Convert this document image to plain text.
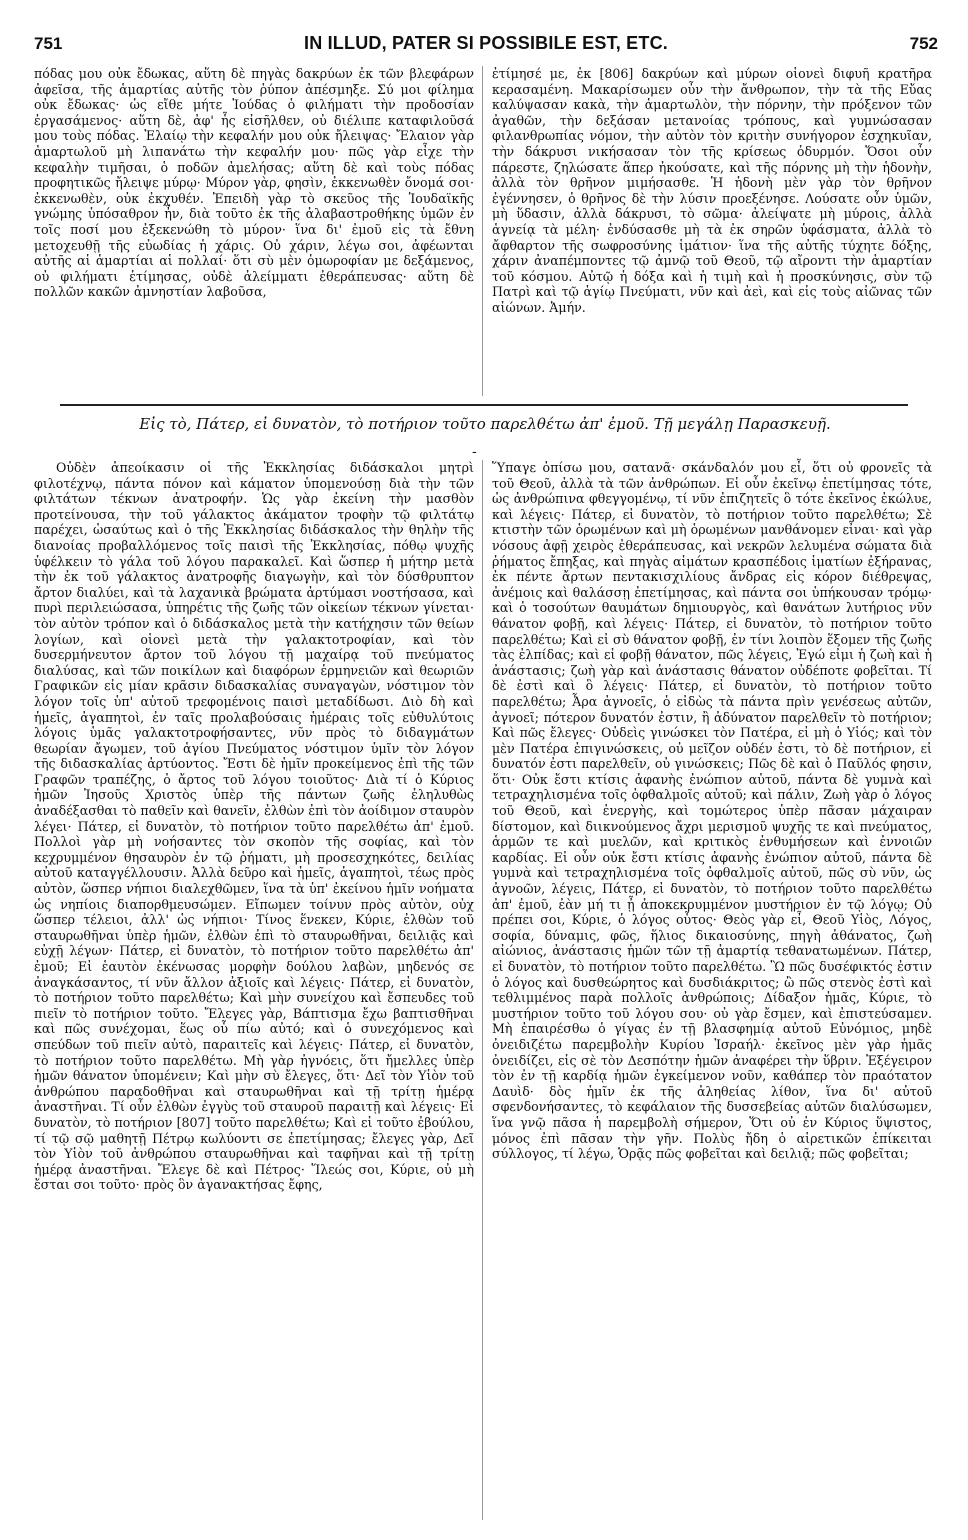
751	IN ILLUD, PATER SI POSSIBILE EST, ETC.	752

πόδας μου οὐκ ἔδωκας, αὕτη δὲ πηγὰς δακρύων ἐκ τῶν βλεφάρων ἀφεῖσα, τῆς ἁμαρτίας αὐτῆς τὸν ῥύπον ἀπέσμηξε. Σύ μοι φίλημα οὐκ ἔδωκας· ὡς εἴθε μήτε Ἰούδας ὁ φιλήματι τὴν προδοσίαν ἐργασάμενος· αὕτη δὲ, ἀφ' ἧς εἰσῆλθεν, οὐ διέλιπε καταφιλοῦσά μου τοὺς πόδας. Ἐλαίῳ τὴν κεφαλήν μου οὐκ ἤλειψας· Ἔλαιον γὰρ ἁμαρτωλοῦ μὴ λιπανάτω τὴν κεφαλήν μου· πῶς γὰρ εἶχε τὴν κεφαλὴν τιμῆσαι, ὁ ποδῶν ἀμελήσας; αὕτη δὲ καὶ τοὺς πόδας προφητικῶς ἤλειψε μύρῳ· Μύρον γὰρ, φησὶν, ἐκκενωθὲν ὄνομά σοι· ἐκκενωθὲν, οὐκ ἐκχυθέν. Ἐπειδὴ γὰρ τὸ σκεῦος τῆς Ἰουδαϊκῆς γνώμης ὑπόσαθρον ἦν, διὰ τοῦτο ἐκ τῆς ἀλαβαστροθήκης ὑμῶν ἐν τοῖς ποσί μου ἐξεκενώθη τὸ μύρον· ἵνα δι' ἐμοῦ εἰς τὰ ἔθνη μετοχευθῇ τῆς εὐωδίας ἡ χάρις. Οὐ χάριν, λέγω σοι, ἀφέωνται αὐτῆς αἱ ἁμαρτίαι αἱ πολλαί· ὅτι σὺ μὲν ὁμωροφίαν με δεξάμενος, οὐ φιλήματι ἐτίμησας, οὐδὲ ἀλείμματι ἐθεράπευσας· αὕτη δὲ πολλῶν κακῶν ἀμνηστίαν λαβοῦσα,

ἐτίμησέ με, ἐκ [806] δακρύων καὶ μύρων οἱονεὶ διφυῆ κρατῆρα κερασαμένη. Μακαρίσωμεν οὖν τὴν ἄνθρωπον, τὴν τὰ τῆς Εὔας καλύψασαν κακὰ, τὴν ἁμαρτωλὸν, τὴν πόρνην, τὴν πρόξενον τῶν ἀγαθῶν, τὴν δεξάσαν μετανοίας τρόπους, καὶ γυμνώσασαν φιλανθρωπίας νόμον, τὴν αὐτὸν τὸν κριτὴν συνήγορον ἐσχηκυῖαν, τὴν δάκρυσι νικήσασαν τὸν τῆς κρίσεως ὀδυρμόν. Ὅσοι οὖν πάρεστε, ζηλώσατε ἅπερ ἠκούσατε, καὶ τῆς πόρνης μὴ τὴν ἡδονὴν, ἀλλὰ τὸν θρῆνον μιμήσασθε. Ἡ ἡδονὴ μὲν γὰρ τὸν θρῆνον ἐγέννησεν, ὁ θρῆνος δὲ τὴν λύσιν προεξένησε. Λούσατε οὖν ὑμῶν, μὴ ὕδασιν, ἀλλὰ δάκρυσι, τὸ σῶμα· ἀλείψατε μὴ μύροις, ἀλλὰ ἁγνείᾳ τὰ μέλη· ἐνδύσασθε μὴ τὰ ἐκ σηρῶν ὑφάσματα, ἀλλὰ τὸ ἄφθαρτον τῆς σωφροσύνης ἱμάτιον· ἵνα τῆς αὐτῆς τύχητε δόξης, χάριν ἀναπέμποντες τῷ ἀμνῷ τοῦ Θεοῦ, τῷ αἴροντι τὴν ἁμαρτίαν τοῦ κόσμου. Αὐτῷ ἡ δόξα καὶ ἡ τιμὴ καὶ ἡ προσκύνησις, σὺν τῷ Πατρὶ καὶ τῷ ἁγίῳ Πνεύματι, νῦν καὶ ἀεὶ, καὶ εἰς τοὺς αἰῶνας τῶν αἰώνων. Ἀμήν.

Εἰς τὸ, Πάτερ, εἰ δυνατὸν, τὸ ποτήριον τοῦτο παρελθέτω ἀπ' ἐμοῦ. Τῇ μεγάλῃ Παρασκευῇ.
-

Οὐδὲν ἀπεοίκασιν οἱ τῆς Ἐκκλησίας διδάσκαλοι μητρὶ φιλοτέχνῳ, πάντα πόνον καὶ κάματον ὑπομενούσῃ διὰ τὴν τῶν φιλτάτων τέκνων ἀνατροφήν. Ὡς γὰρ ἐκείνη τὴν μασθὸν προτείνουσα, τὴν τοῦ γάλακτος ἀκάματον τροφὴν τῷ φιλτάτῳ παρέχει, ὡσαύτως καὶ ὁ τῆς Ἐκκλησίας διδάσκαλος τὴν θηλὴν τῆς διανοίας προβαλλόμενος τοῖς παισὶ τῆς Ἐκκλησίας, πόθῳ ψυχῆς ὑφέλκειν τὸ γάλα τοῦ λόγου παρακαλεῖ. Καὶ ὥσπερ ἡ μήτηρ μετὰ τὴν ἐκ τοῦ γάλακτος ἀνατροφῆς διαγωγὴν, καὶ τὸν δύσθρυπτον ἄρτον διαλύει, καὶ τὰ λαχανικὰ βρώματα ἀρτύμασι νοστήσασα, καὶ πυρὶ περιλειώσασα, ὑπηρέτις τῆς ζωῆς τῶν οἰκείων τέκνων γίνεται· τὸν αὐτὸν τρόπον καὶ ὁ διδάσκαλος μετὰ τὴν κατήχησιν τῶν θείων λογίων, καὶ οἱονεὶ μετὰ τὴν γαλακτοτροφίαν, καὶ τὸν δυσερμήνευτον ἄρτον τοῦ λόγου τῇ μαχαίρᾳ τοῦ πνεύματος διαλύσας, καὶ τῶν ποικίλων καὶ διαφόρων ἑρμηνειῶν καὶ θεωριῶν Γραφικῶν εἰς μίαν κρᾶσιν διδασκαλίας συναγαγὼν, νόστιμον τὸν λόγον τοῖς ὑπ' αὐτοῦ τρεφομένοις παισὶ μεταδίδωσι. Διὸ δὴ καὶ ἡμεῖς, ἀγαπητοὶ, ἐν ταῖς προλαβούσαις ἡμέραις τοῖς εὐθυλύτοις λόγοις ὑμᾶς γαλακτοτροφήσαντες, νῦν πρὸς τὸ διδαγμάτων θεωρίαν ἄγωμεν, τοῦ ἁγίου Πνεύματος νόστιμον ὑμῖν τὸν λόγον τῆς διδασκαλίας ἀρτύοντος. Ἔστι δὲ ἡμῖν προκείμενος ἐπὶ τῆς τῶν Γραφῶν τραπέζης, ὁ ἄρτος τοῦ λόγου τοιοῦτος· Διὰ τί ὁ Κύριος ἡμῶν Ἰησοῦς Χριστὸς ὑπὲρ τῆς πάντων ζωῆς ἐληλυθὼς ἀναδέξασθαι τὸ παθεῖν καὶ θανεῖν, ἐλθὼν ἐπὶ τὸν ἀοίδιμον σταυρὸν λέγει· Πάτερ, εἰ δυνατὸν, τὸ ποτήριον τοῦτο παρελθέτω ἀπ' ἐμοῦ. Πολλοὶ γὰρ μὴ νοήσαντες τὸν σκοπὸν τῆς σοφίας, καὶ τὸν κεχρυμμένον θησαυρὸν ἐν τῷ ῥήματι, μὴ προσεσχηκότες, δειλίας αὐτοῦ καταγγέλλουσιν. Ἀλλὰ δεῦρο καὶ ἡμεῖς, ἀγαπητοὶ, τέως πρὸς αὐτὸν, ὥσπερ νήπιοι διαλεχθῶμεν, ἵνα τὰ ὑπ' ἐκείνου ἡμῖν νοήματα ὡς νηπίοις διαπορθμευσώμεν. Εἴπωμεν τοίνυν πρὸς αὐτὸν, οὐχ ὥσπερ τέλειοι, ἀλλ' ὡς νήπιοι· Τίνος ἕνεκεν, Κύριε, ἐλθὼν τοῦ σταυρωθῆναι ὑπὲρ ἡμῶν, ἐλθὼν ἐπὶ τὸ σταυρωθῆναι, δειλιᾷς καὶ εὐχῇ λέγων· Πάτερ, εἰ δυνατὸν, τὸ ποτήριον τοῦτο παρελθέτω ἀπ' ἐμοῦ; Εἰ ἑαυτὸν ἐκένωσας μορφὴν δούλου λαβὼν, μηδενός σε ἀναγκάσαντος, τί νῦν ἄλλον ἀξιοῖς καὶ λέγεις· Πάτερ, εἰ δυνατὸν, τὸ ποτήριον τοῦτο παρελθέτω; Καὶ μὴν συνείχου καὶ ἔσπευδες τοῦ πιεῖν τὸ ποτήριον τοῦτο. Ἔλεγες γὰρ, Βάπτισμα ἔχω βαπτισθῆναι καὶ πῶς συνέχομαι, ἕως οὗ πίω αὐτό; καὶ ὁ συνεχόμενος καὶ σπεύδων τοῦ πιεῖν αὐτὸ, παραιτεῖς καὶ λέγεις· Πάτερ, εἰ δυνατὸν, τὸ ποτήριον τοῦτο παρελθέτω. Μὴ γὰρ ἠγνόεις, ὅτι ἤμελλες ὑπὲρ ἡμῶν θάνατον ὑπομένειν; Καὶ μὴν σὺ ἔλεγες, ὅτι· Δεῖ τὸν Υἱὸν τοῦ ἀνθρώπου παραδοθῆναι καὶ σταυρωθῆναι καὶ τῇ τρίτῃ ἡμέρᾳ ἀναστῆναι. Τί οὖν ἐλθὼν ἐγγὺς τοῦ σταυροῦ παραιτῇ καὶ λέγεις· Εἰ δυνατὸν, τὸ ποτήριον [807] τοῦτο παρελθέτω; Καὶ εἰ τοῦτο ἐβούλου, τί τῷ σῷ μαθητῇ Πέτρῳ κωλύοντι σε ἐπετίμησας; ἔλεγες γὰρ, Δεῖ τὸν Υἱὸν τοῦ ἀνθρώπου σταυρωθῆναι καὶ ταφῆναι καὶ τῇ τρίτῃ ἡμέρᾳ ἀναστῆναι. Ἔλεγε δὲ καὶ Πέτρος· Ἵλεώς σοι, Κύριε, οὐ μὴ ἔσται σοι τοῦτο· πρὸς ὃν ἀγανακτήσας ἔφης,

Ὕπαγε ὀπίσω μου, σατανᾶ· σκάνδαλόν μου εἶ, ὅτι οὐ φρονεῖς τὰ τοῦ Θεοῦ, ἀλλὰ τὰ τῶν ἀνθρώπων. Εἰ οὖν ἐκεῖνῳ ἐπετίμησας τότε, ὡς ἀνθρώπινα φθεγγομένῳ, τί νῦν ἐπιζητεῖς ὃ τότε ἐκεῖνος ἐκώλυε, καὶ λέγεις· Πάτερ, εἰ δυνατὸν, τὸ ποτήριον τοῦτο παρελθέτω; Σὲ κτιστὴν τῶν ὁρωμένων καὶ μὴ ὁρωμένων μανθάνομεν εἶναι· καὶ γὰρ νόσους ἀφῇ χειρὸς ἐθεράπευσας, καὶ νεκρῶν λελυμένα σώματα διὰ ῥήματος ἔπηξας, καὶ πηγὰς αἱμάτων κρασπέδοις ἱματίων ἐξήρανας, ἐκ πέντε ἄρτων πεντακισχιλίους ἄνδρας εἰς κόρον διέθρεψας, ἀνέμοις καὶ θαλάσσῃ ἐπετίμησας, καὶ πάντα σοι ὑπήκουσαν τρόμῳ· καὶ ὁ τοσούτων θαυμάτων δημιουργὸς, καὶ θανάτων λυτήριος νῦν θάνατον φοβῇ, καὶ λέγεις· Πάτερ, εἰ δυνατὸν, τὸ ποτήριον τοῦτο παρελθέτω; Καὶ εἰ σὺ θάνατον φοβῇ, ἐν τίνι λοιπὸν ἕξομεν τῆς ζωῆς τὰς ἐλπίδας; καὶ εἰ φοβῇ θάνατον, πῶς λέγεις, Ἐγώ εἰμι ἡ ζωὴ καὶ ἡ ἀνάστασις; ζωὴ γὰρ καὶ ἀνάστασις θάνατον οὐδέποτε φοβεῖται. Τί δὲ ἐστὶ καὶ ὃ λέγεις· Πάτερ, εἰ δυνατὸν, τὸ ποτήριον τοῦτο παρελθέτω; Ἆρα ἀγνοεῖς, ὁ εἰδὼς τὰ πάντα πρὶν γενέσεως αὐτῶν, ἀγνοεῖ; πότερον δυνατόν ἐστιν, ἢ ἀδύνατον παρελθεῖν τὸ ποτήριον; Καὶ πῶς ἔλεγες· Οὐδεὶς γινώσκει τὸν Πατέρα, εἰ μὴ ὁ Υἱός; καὶ τὸν μὲν Πατέρα ἐπιγινώσκεις, οὐ μεῖζον οὐδέν ἐστι, τὸ δὲ ποτήριον, εἰ δυνατόν ἐστι παρελθεῖν, οὐ γινώσκεις; Πῶς δὲ καὶ ὁ Παῦλός φησιν, ὅτι· Οὐκ ἔστι κτίσις ἀφανὴς ἐνώπιον αὐτοῦ, πάντα δὲ γυμνὰ καὶ τετραχηλισμένα τοῖς ὀφθαλμοῖς αὐτοῦ; καὶ πάλιν, Ζωὴ γὰρ ὁ λόγος τοῦ Θεοῦ, καὶ ἐνεργὴς, καὶ τομώτερος ὑπὲρ πᾶσαν μάχαιραν δίστομον, καὶ διικνούμενος ἄχρι μερισμοῦ ψυχῆς τε καὶ πνεύματος, ἁρμῶν τε καὶ μυελῶν, καὶ κριτικὸς ἐνθυμήσεων καὶ ἐννοιῶν καρδίας. Εἰ οὖν οὐκ ἔστι κτίσις ἀφανὴς ἐνώπιον αὐτοῦ, πάντα δὲ γυμνὰ καὶ τετραχηλισμένα τοῖς ὀφθαλμοῖς αὐτοῦ, πῶς σὺ νῦν, ὡς ἀγνοῶν, λέγεις, Πάτερ, εἰ δυνατὸν, τὸ ποτήριον τοῦτο παρελθέτω ἀπ' ἐμοῦ, ἐὰν μή τι ᾖ ἀποκεκρυμμένον μυστήριον ἐν τῷ λόγῳ; Οὐ πρέπει σοι, Κύριε, ὁ λόγος οὗτος· Θεὸς γὰρ εἶ, Θεοῦ Υἱὸς, Λόγος, σοφία, δύναμις, φῶς, ἥλιος δικαιοσύνης, πηγὴ ἀθάνατος, ζωὴ αἰώνιος, ἀνάστασις ἡμῶν τῶν τῇ ἁμαρτίᾳ τεθανατωμένων. Πάτερ, εἰ δυνατὸν, τὸ ποτήριον τοῦτο παρελθέτω. Ὢ πῶς δυσέφικτός ἐστιν ὁ λόγος καὶ δυσθεώρητος καὶ δυσδιάκριτος; ὢ πῶς στενὸς ἐστὶ καὶ τεθλιμμένος παρὰ πολλοῖς ἀνθρώποις; Δίδαξον ἡμᾶς, Κύριε, τὸ μυστήριον τοῦτο τοῦ λόγου σου· οὐ γὰρ ἔσμεν, καὶ ἐπιστεύσαμεν. Μὴ ἐπαιρέσθω ὁ γίγας ἐν τῇ βλασφημίᾳ αὐτοῦ Εὐνόμιος, μηδὲ ὀνειδιζέτω παρεμβολὴν Κυρίου Ἰσραήλ· ἐκεῖνος μὲν γὰρ ἡμᾶς ὀνειδίζει, εἰς σὲ τὸν Δεσπότην ἡμῶν ἀναφέρει τὴν ὕβριν. Ἐξέγειρον τὸν ἐν τῇ καρδίᾳ ἡμῶν ἐγκείμενον νοῦν, καθάπερ τὸν πραότατον Δαυὶδ· δὸς ἡμῖν ἐκ τῆς ἀληθείας λίθον, ἵνα δι' αὐτοῦ σφενδονήσαντες, τὸ κεφάλαιον τῆς δυσσεβείας αὐτῶν διαλύσωμεν, ἵνα γνῷ πᾶσα ἡ παρεμβολὴ σήμερον, Ὅτι οὐ ἐν Κύριος ὕψιστος, μόνος ἐπὶ πᾶσαν τὴν γῆν. Πολὺς ἤδη ὁ αἱρετικῶν ἐπίκειται σύλλογος, τί λέγω, Ὁρᾷς πῶς φοβεῖται καὶ δειλιᾷ; πῶς φοβεῖται;
